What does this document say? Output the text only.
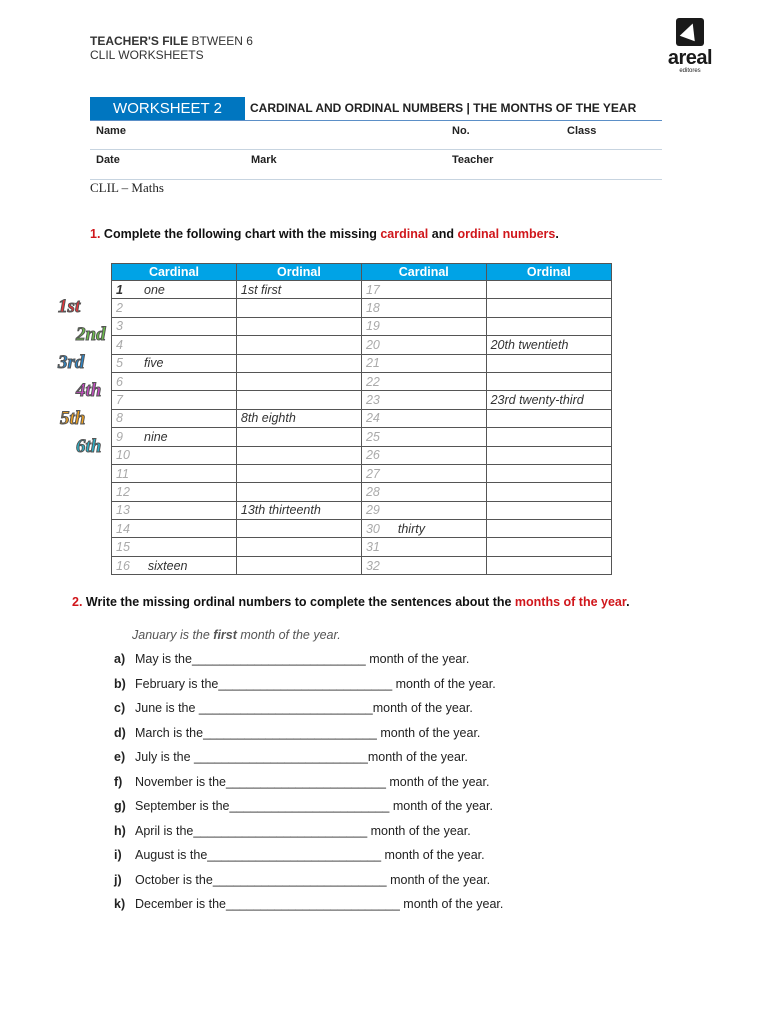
TEACHER'S FILE BTWEEN 6
CLIL WORKSHEETS	areal
editores
WORKSHEET 2	CARDINAL AND ORDINAL NUMBERS | THE MONTHS OF THE YEAR
Name	No.	Class
Date	Mark	Teacher
CLIL – Maths
1. Complete the following chart with the missing cardinal and ordinal numbers.
1st
2nd
3rd
4th
5th
6th
Cardinal	Ordinal	Cardinal	Ordinal
1 one	1st first	17	
2		18	
3		19	
4		20	20th twentieth
5 five		21	
6		22	
7		23	23rd twenty-third
8	8th eighth	24	
9 nine		25	
10		26	
11		27	
12		28	
13	13th thirteenth	29	
14		30 thirty	
15		31	
16 sixteen		32	
2. Write the missing ordinal numbers to complete the sentences about the months of the year.
January is the first month of the year.
a) May is the_________________________ month of the year.
b) February is the_________________________ month of the year.
c) June is the _________________________month of the year.
d) March is the_________________________ month of the year.
e) July is the _________________________month of the year.
f) November is the_______________________ month of the year.
g) September is the_______________________ month of the year.
h) April is the_________________________ month of the year.
i) August is the_________________________ month of the year.
j) October is the_________________________ month of the year.
k) December is the_________________________ month of the year.
